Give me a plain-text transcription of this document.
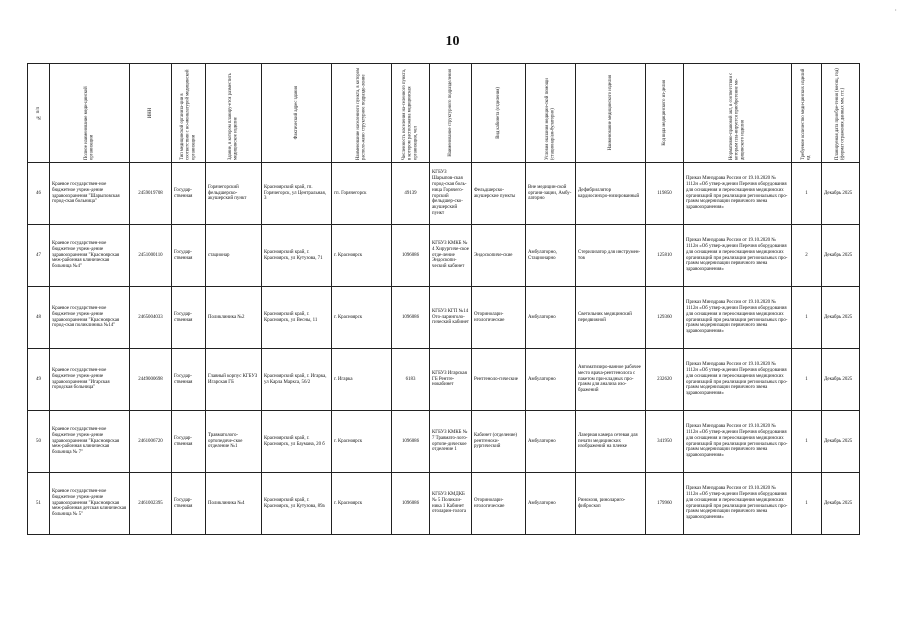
10
·
№ п/п	Полное наименование меди-цинской организации	ИНН	Тип медицинской организа-ции в соответствии с но-менклатурой медицинской организации	Здание, в котором планиру-ется разместить медицинское изделие	Фактический адрес здания	Наименование населенного пункта, в котором располо-жено структурное подразде-ление	Численность населения на-селенного пункта, в котором расположена медицинская организация, чел	Наименование структурного подразделения	Вид кабинета (отделения)	Условия оказания медицин-ской помощи (стационар/ам-булаторно)	Наименование медицинского изделия	Код вида медицинского из-делия	Нормативно-правовой акт, в соответствии с которым пла-нируется приобретение ме-дицинского изделия	Требуемое количество меди-цинских изделий ед	Планируемая дата приобре-тения (месяц, год) (формат отражения данных мм. ггг.)

46	Краевое государствен-ное бюджетное учреж-дение здравоохранения "Шарыповская город-ская больница"	2459019708	Государ-ственная	Горячегорский фельдшерско-акушерский пункт	Красноярский край, гп. Горячегорск, ул Центральная, 3	гп. Горячегорск	49139	КГБУЗ Шарыпов-ская город-ская боль-ница Горячего-горский фельдшер-ско-акушерский пункт	Фельдшерско-акушерские пункты	Вне медицин-ской органи-зации, Амбу-латорно	Дефибриллятор кардиосинхро-низированный	119850	Приказ Минздрава России от 19.10.2020 № 1112н «Об утвер-ждении Перечня оборудования для оснащения и переоснащения медицинских организаций при реализации региональных про-грамм модернизации первичного звена здравоохранения»	1	Декабрь 2025
47	Краевое государствен-ное бюджетное учреж-дение здравоохранения "Красноярская меж-районная клиническая больница №4"	2451000110	Государ-ственная	стационар	Красноярский край, г. Красноярск, ул Кутузова, 71	г. Красноярск	1096086	КГБУЗ КМКБ № 4 Хирургиче-ское отде-ление Эндоскопи-ческий кабинет	Эндоскопиче-ские	Амбулаторно, Стационарно	Стерилизатор для инструмен-тов	125810	Приказ Минздрава России от 19.10.2020 № 1112н «Об утвер-ждении Перечня оборудования для оснащения и переоснащения медицинских организаций при реализации региональных про-грамм модернизации первичного звена здравоохранения»	2	Декабрь 2025
48	Краевое государствен-ное бюджетное учреж-дение здравоохранения "Красноярская город-ская поликлиника №14"	2465004033	Государ-ственная	Поликлиника №2	Красноярский край, г. Красноярск, ул Весны, 11	г. Красноярск	1096086	КГБУЗ КГП №14 Ото-ларинголо-гический кабинет	Оторинолари-нгологические	Амбулаторно	Светильник медицинский передвижной	129360	Приказ Минздрава России от 19.10.2020 № 1112н «Об утвер-ждении Перечня оборудования для оснащения и переоснащения медицинских организаций при реализации региональных про-грамм модернизации первичного звена здравоохранения»	1	Декабрь 2025
49	Краевое государствен-ное бюджетное учреж-дение здравоохранения "Игарская городская больница"	2449000698	Государ-ственная	Главный корпус КГБУЗ Игарская ГБ	Красноярский край, г. Игарка, ул Карла Маркса, 56/2	г. Игарка	6183	КГБУЗ Игарская ГБ Рентге-нокабинет	Рентгеноло-гические	Амбулаторно	Автоматизиро-ванное рабочее место врача-рентгенолога с пакетом при-кладных про-грамм для анализа изо-бражений	232620	Приказ Минздрава России от 19.10.2020 № 1112н «Об утвер-ждении Перечня оборудования для оснащения и переоснащения медицинских организаций при реализации региональных про-грамм модернизации первичного звена здравоохранения»	1	Декабрь 2025
50	Краевое государствен-ное бюджетное учреж-дение здравоохранения "Красноярская меж-районная клиническая больница № 7"	2461006720	Государ-ственная	Травматолого-ортопедиче-ское отделение №1	Красноярский край, г. Красноярск, ул Бауманa, 20 б	г. Красноярск	1096086	КГБУЗ КМКБ № 7 Травмато-лого-ортопе-дическое отделение 1	Кабинет (отделение) рентгенохи-рургический	Амбулаторно	Лазерная камера сетевая для печати медицинских изображений на пленке	341950	Приказ Минздрава России от 19.10.2020 № 1112н «Об утвер-ждении Перечня оборудования для оснащения и переоснащения медицинских организаций при реализации региональных про-грамм модернизации первичного звена здравоохранения»	1	Декабрь 2025
51	Краевое государствен-ное бюджетное учреж-дение здравоохранения "Красноярская меж-районная детская клиническая больница № 5"	2461002395	Государ-ственная	Поликлиника №4	Красноярский край, г. Красноярск, ул Кутузова, 89а	г. Красноярск	1096086	КГБУЗ КМДКБ № 5 Поликли-ника 1 Кабинет отоларин-голога	Оторинолари-нгологические	Амбулаторно	Ринохозя, ринолариго-фиброскоп	179960	Приказ Минздрава России от 19.10.2020 № 1112н «Об утвер-ждении Перечня оборудования для оснащения и переоснащения медицинских организаций при реализации региональных про-грамм модернизации первичного звена здравоохранения»	1	Декабрь 2025
